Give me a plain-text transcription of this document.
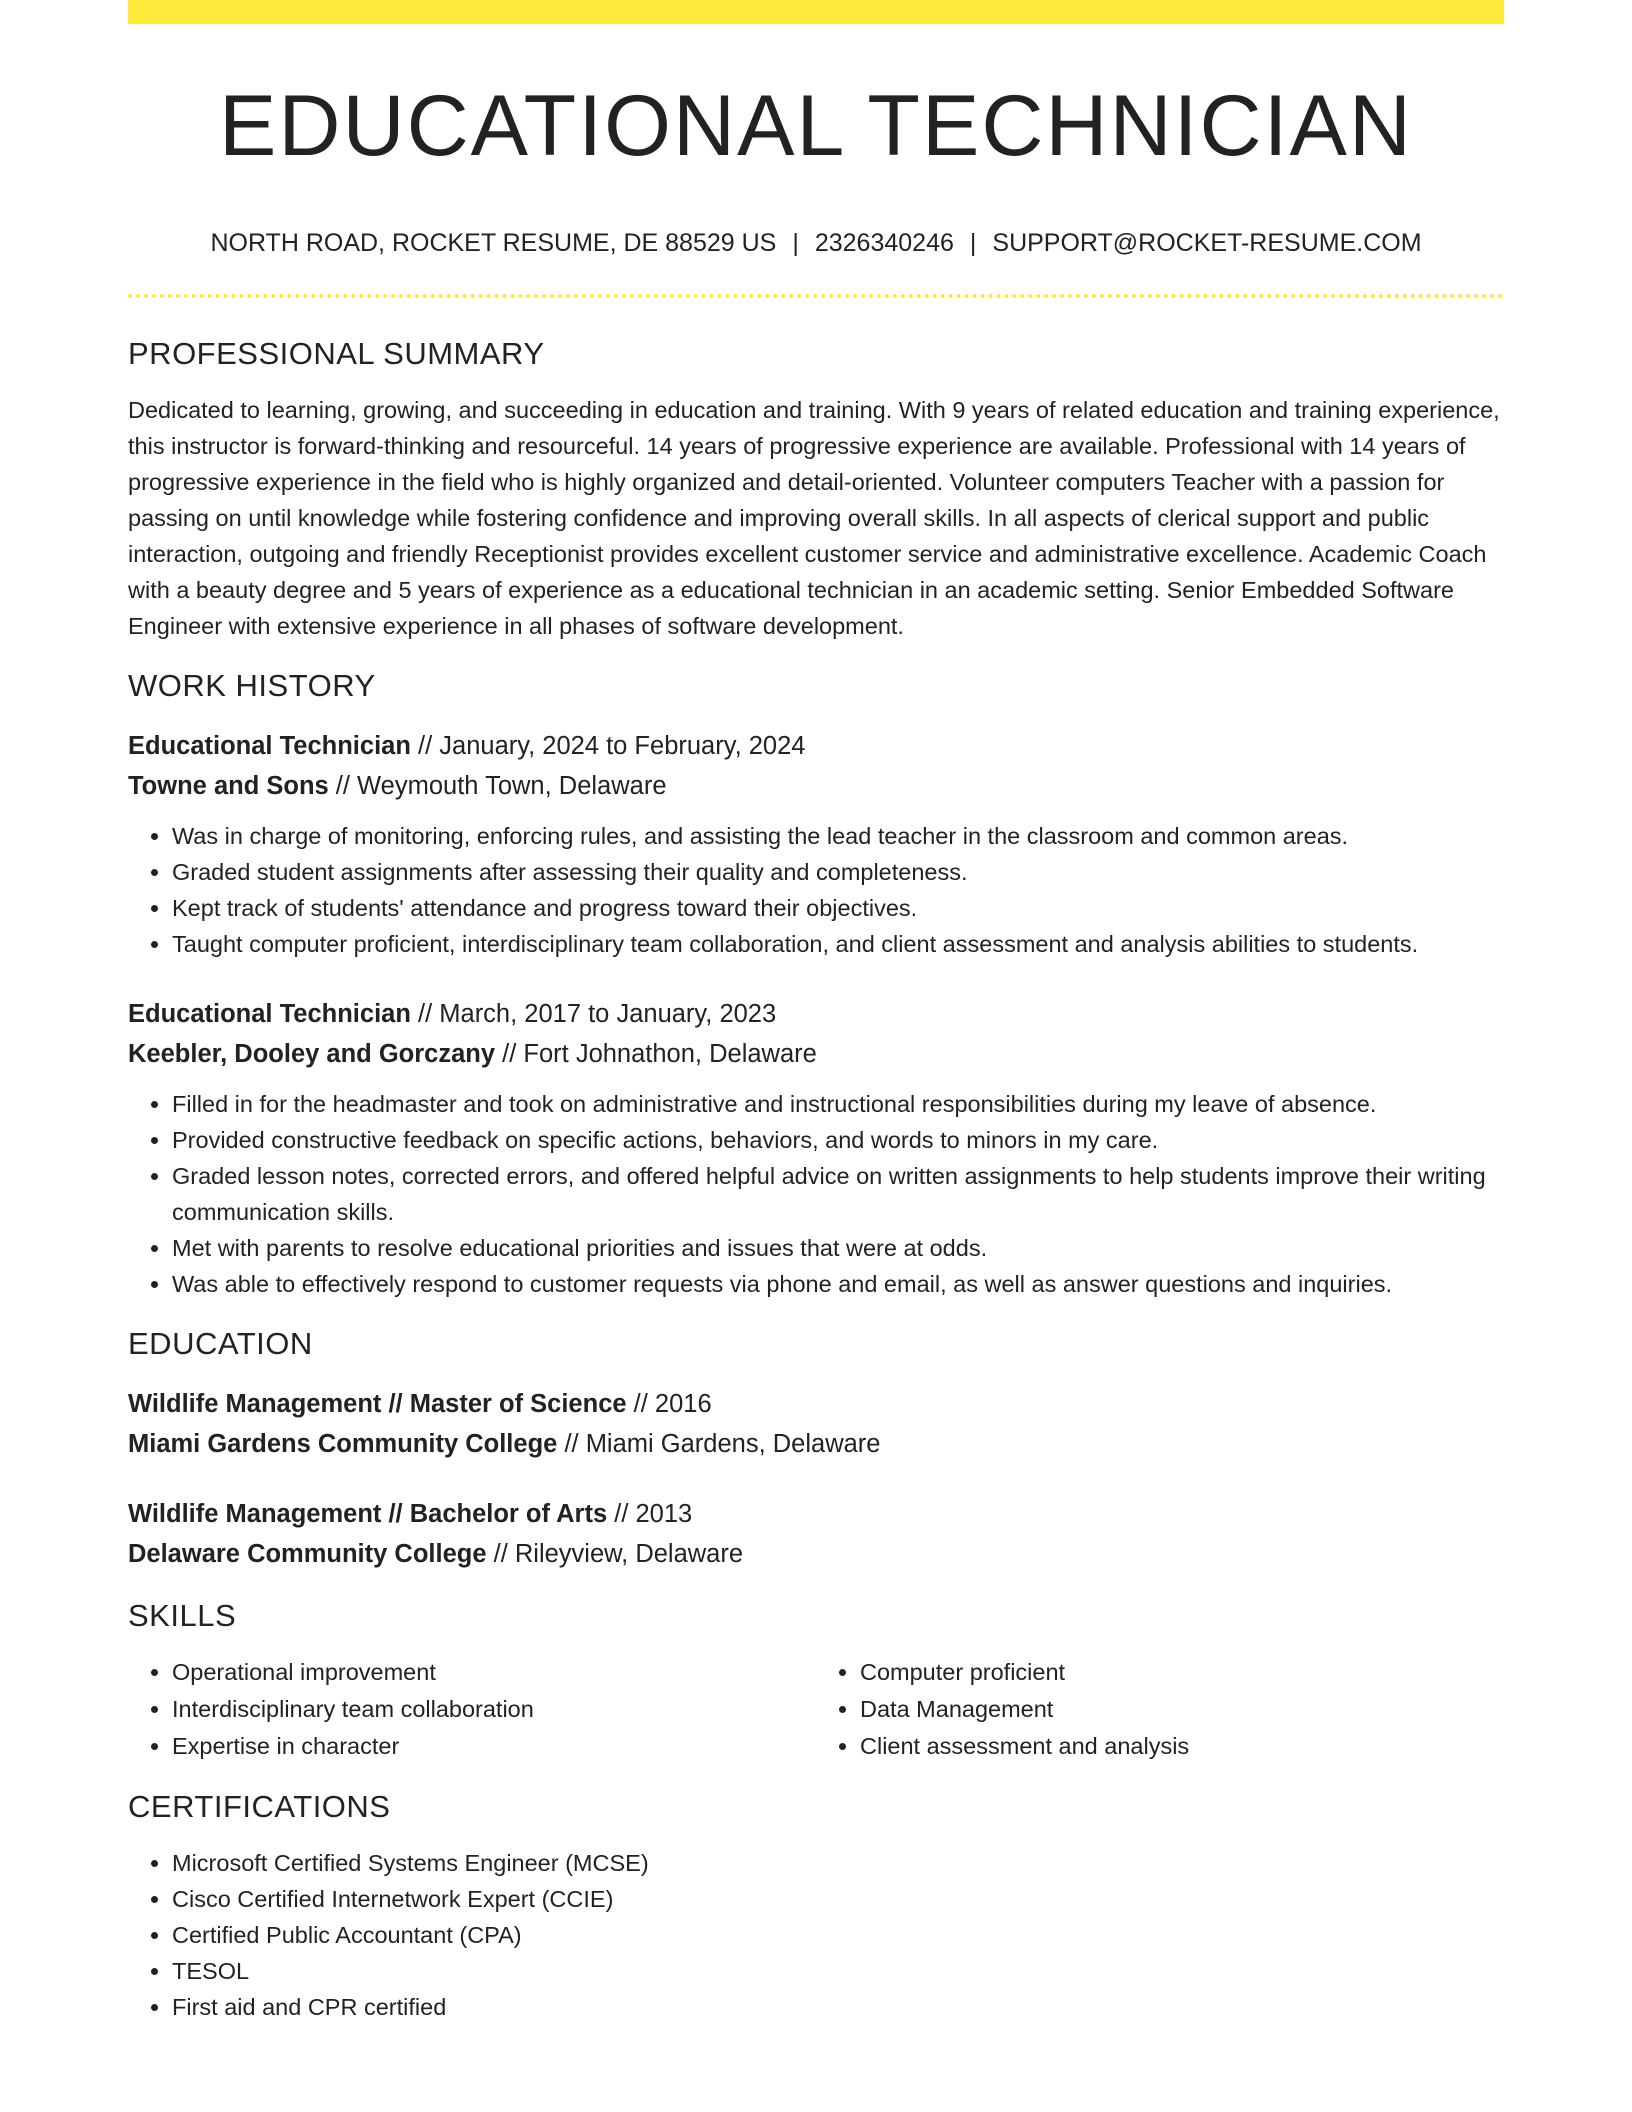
EDUCATIONAL TECHNICIAN
NORTH ROAD, ROCKET RESUME, DE 88529 US | 2326340246 | SUPPORT@ROCKET-RESUME.COM
PROFESSIONAL SUMMARY

Dedicated to learning, growing, and succeeding in education and training. With 9 years of related education and training experience, this instructor is forward-thinking and resourceful. 14 years of progressive experience are available. Professional with 14 years of progressive experience in the field who is highly organized and detail-oriented. Volunteer computers Teacher with a passion for passing on until knowledge while fostering confidence and improving overall skills. In all aspects of clerical support and public interaction, outgoing and friendly Receptionist provides excellent customer service and administrative excellence. Academic Coach with a beauty degree and 5 years of experience as a educational technician in an academic setting. Senior Embedded Software Engineer with extensive experience in all phases of software development.

WORK HISTORY
Educational Technician // January, 2024 to February, 2024
Towne and Sons // Weymouth Town, Delaware
• Was in charge of monitoring, enforcing rules, and assisting the lead teacher in the classroom and common areas.
• Graded student assignments after assessing their quality and completeness.
• Kept track of students' attendance and progress toward their objectives.
• Taught computer proficient, interdisciplinary team collaboration, and client assessment and analysis abilities to students.
Educational Technician // March, 2017 to January, 2023
Keebler, Dooley and Gorczany // Fort Johnathon, Delaware
• Filled in for the headmaster and took on administrative and instructional responsibilities during my leave of absence.
• Provided constructive feedback on specific actions, behaviors, and words to minors in my care.
• Graded lesson notes, corrected errors, and offered helpful advice on written assignments to help students improve their writing communication skills.
• Met with parents to resolve educational priorities and issues that were at odds.
• Was able to effectively respond to customer requests via phone and email, as well as answer questions and inquiries.
EDUCATION
Wildlife Management // Master of Science // 2016
Miami Gardens Community College // Miami Gardens, Delaware
Wildlife Management // Bachelor of Arts // 2013
Delaware Community College // Rileyview, Delaware
SKILLS
• Operational improvement
• Interdisciplinary team collaboration
• Expertise in character
• Computer proficient
• Data Management
• Client assessment and analysis
CERTIFICATIONS
• Microsoft Certified Systems Engineer (MCSE)
• Cisco Certified Internetwork Expert (CCIE)
• Certified Public Accountant (CPA)
• TESOL
• First aid and CPR certified
